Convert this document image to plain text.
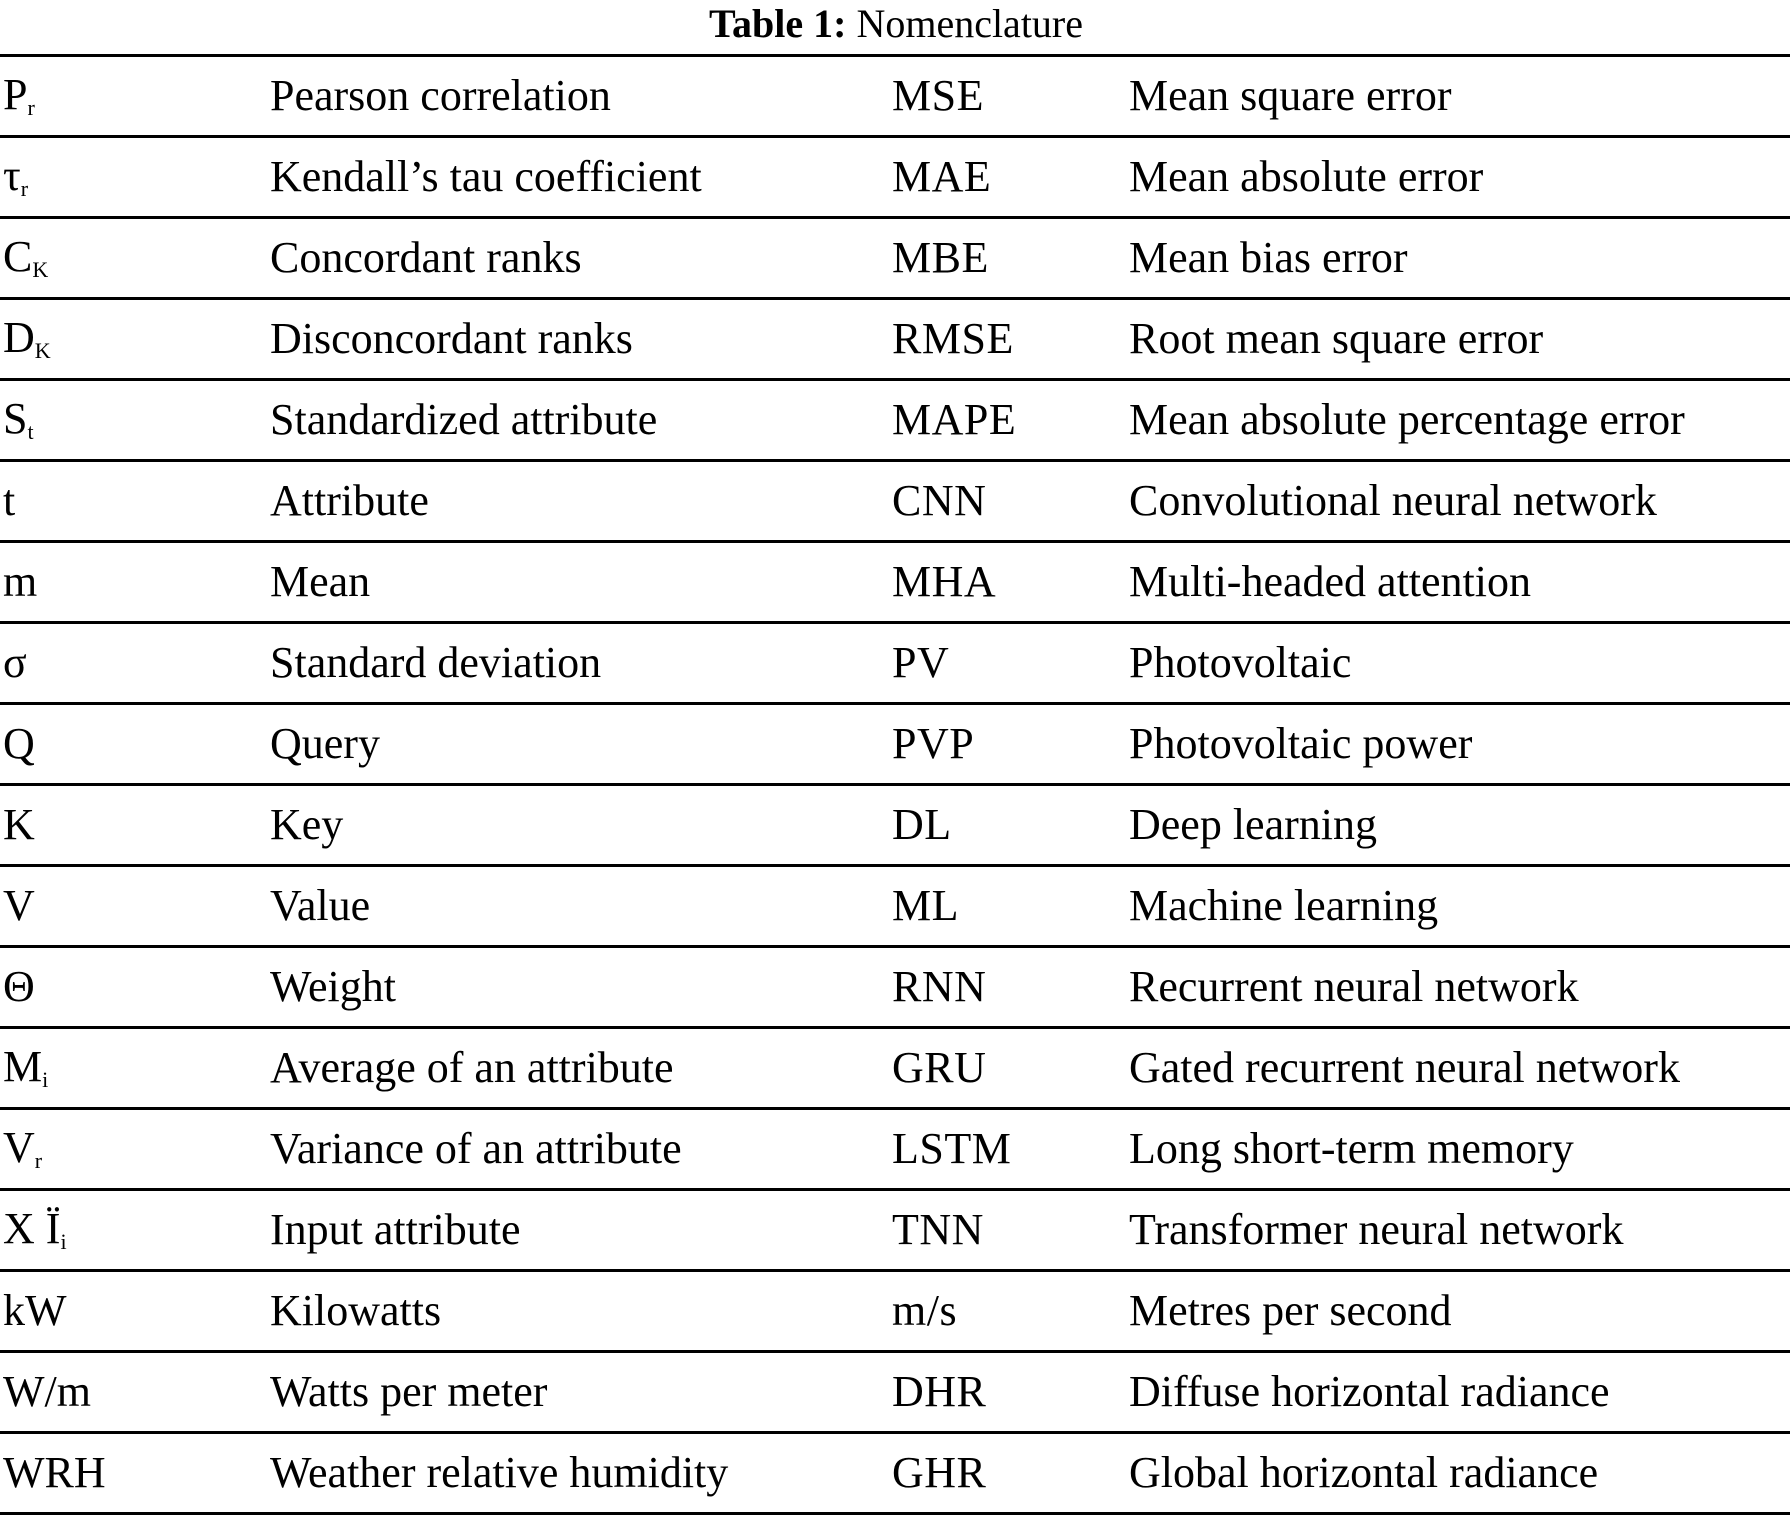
Table 1: Nomenclature
$P_r$	Pearson correlation	MSE	Mean square error
$\tau_r$	Kendall’s tau coefficient	MAE	Mean absolute error
$C_K$	Concordant ranks	MBE	Mean bias error
$D_K$	Disconcordant ranks	RMSE	Root mean square error
$S_t$	Standardized attribute	MAPE	Mean absolute percentage error
t	Attribute	CNN	Convolutional neural network
m	Mean	MHA	Multi-headed attention
σ	Standard deviation	PV	Photovoltaic
Q	Query	PVP	Photovoltaic power
K	Key	DL	Deep learning
V	Value	ML	Machine learning
Θ	Weight	RNN	Recurrent neural network
$M_i$	Average of an attribute	GRU	Gated recurrent neural network
$V_r$	Variance of an attribute	LSTM	Long short-term memory
X $Ï_i$	Input attribute	TNN	Transformer neural network
kW	Kilowatts	m/s	Metres per second
W/m	Watts per meter	DHR	Diffuse horizontal radiance
WRH	Weather relative humidity	GHR	Global horizontal radiance
